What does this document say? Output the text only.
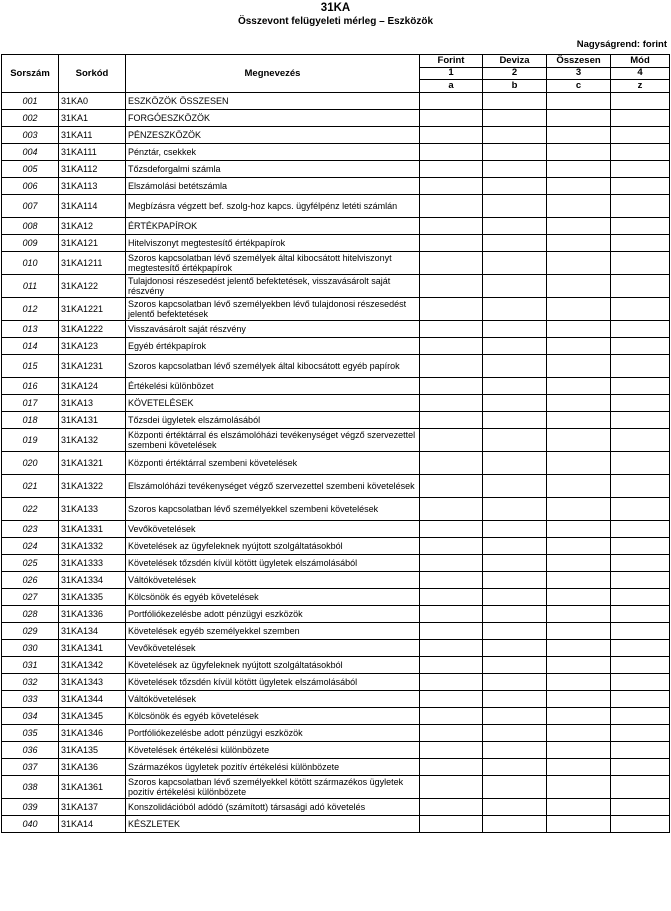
31KA
Összevont felügyeleti mérleg – Eszközök
Nagyságrend: forint
Sorszám	Sorkód	Megnevezés	Forint	Deviza	Összesen	Mód
			1	2	3	4
			a	b	c	z
001	31KA0	ESZKÖZÖK ÖSSZESEN				
002	31KA1	FORGÓESZKÖZÖK				
003	31KA11	PÉNZESZKÖZÖK				
004	31KA111	Pénztár, csekkek				
005	31KA112	Tőzsdeforgalmi számla				
006	31KA113	Elszámolási betétszámla				
007	31KA114	Megbízásra végzett bef. szolg-hoz kapcs. ügyfélpénz letéti számlán				
008	31KA12	ÉRTÉKPAPÍROK				
009	31KA121	Hitelviszonyt megtestesítő értékpapírok				
010	31KA1211	Szoros kapcsolatban lévő személyek által kibocsátott hitelviszonyt megtestesítő értékpapírok				
011	31KA122	Tulajdonosi részesedést jelentő befektetések, visszavásárolt saját részvény				
012	31KA1221	Szoros kapcsolatban lévő személyekben lévő tulajdonosi részesedést jelentő befektetések				
013	31KA1222	Visszavásárolt saját részvény				
014	31KA123	Egyéb értékpapírok				
015	31KA1231	Szoros kapcsolatban lévő személyek által kibocsátott egyéb papírok				
016	31KA124	Értékelési különbözet				
017	31KA13	KÖVETELÉSEK				
018	31KA131	Tőzsdei ügyletek elszámolásából				
019	31KA132	Központi értéktárral és elszámolóházi tevékenységet végző szervezettel szembeni követelések				
020	31KA1321	Központi értéktárral szembeni követelések				
021	31KA1322	Elszámolóházi tevékenységet végző szervezettel szembeni követelések				
022	31KA133	Szoros kapcsolatban lévő személyekkel szembeni követelések				
023	31KA1331	Vevőkövetelések				
024	31KA1332	Követelések az ügyfeleknek nyújtott szolgáltatásokból				
025	31KA1333	Követelések tőzsdén kívül kötött ügyletek elszámolásából				
026	31KA1334	Váltókövetelések				
027	31KA1335	Kölcsönök és egyéb követelések				
028	31KA1336	Portfóliókezelésbe adott pénzügyi eszközök				
029	31KA134	Követelések egyéb személyekkel szemben				
030	31KA1341	Vevőkövetelések				
031	31KA1342	Követelések az ügyfeleknek nyújtott szolgáltatásokból				
032	31KA1343	Követelések tőzsdén kívül kötött ügyletek elszámolásából				
033	31KA1344	Váltókövetelések				
034	31KA1345	Kölcsönök és egyéb követelések				
035	31KA1346	Portfóliókezelésbe adott pénzügyi eszközök				
036	31KA135	Követelések értékelési különbözete				
037	31KA136	Származékos ügyletek pozitív értékelési különbözete				
038	31KA1361	Szoros kapcsolatban lévő személyekkel kötött származékos ügyletek pozitív értékelési különbözete				
039	31KA137	Konszolidációból adódó (számított) társasági adó követelés				
040	31KA14	KÉSZLETEK				
